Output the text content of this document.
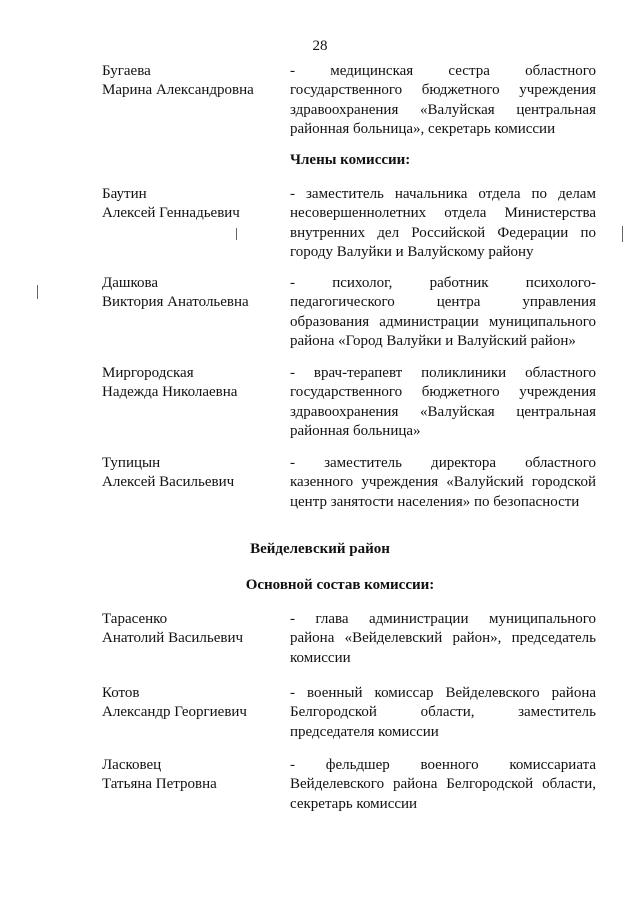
28
Бугаева
Марина Александровна
- медицинская сестра областного
государственного бюджетного учреждения
здравоохранения «Валуйская центральная
районная больница», секретарь комиссии
Члены комиссии:
Баутин
Алексей Геннадьевич
- заместитель начальника отдела по делам
несовершеннолетних отдела Министерства
внутренних дел Российской Федерации по
городу Валуйки и Валуйскому району
Дашкова
Виктория Анатольевна
- психолог, работник психолого-
педагогического центра управления
образования администрации муниципального
района «Город Валуйки и Валуйский район»
Миргородская
Надежда Николаевна
- врач-терапевт поликлиники областного
государственного бюджетного учреждения
здравоохранения «Валуйская центральная
районная больница»
Тупицын
Алексей Васильевич
- заместитель директора областного
казенного учреждения «Валуйский городской
центр занятости населения» по безопасности
Вейделевский район
Основной состав комиссии:
Тарасенко
Анатолий Васильевич
- глава администрации муниципального
района «Вейделевский район», председатель
комиссии
Котов
Александр Георгиевич
- военный комиссар Вейделевского района
Белгородской области, заместитель
председателя комиссии
Ласковец
Татьяна Петровна
- фельдшер военного комиссариата
Вейделевского района Белгородской области,
секретарь комиссии
